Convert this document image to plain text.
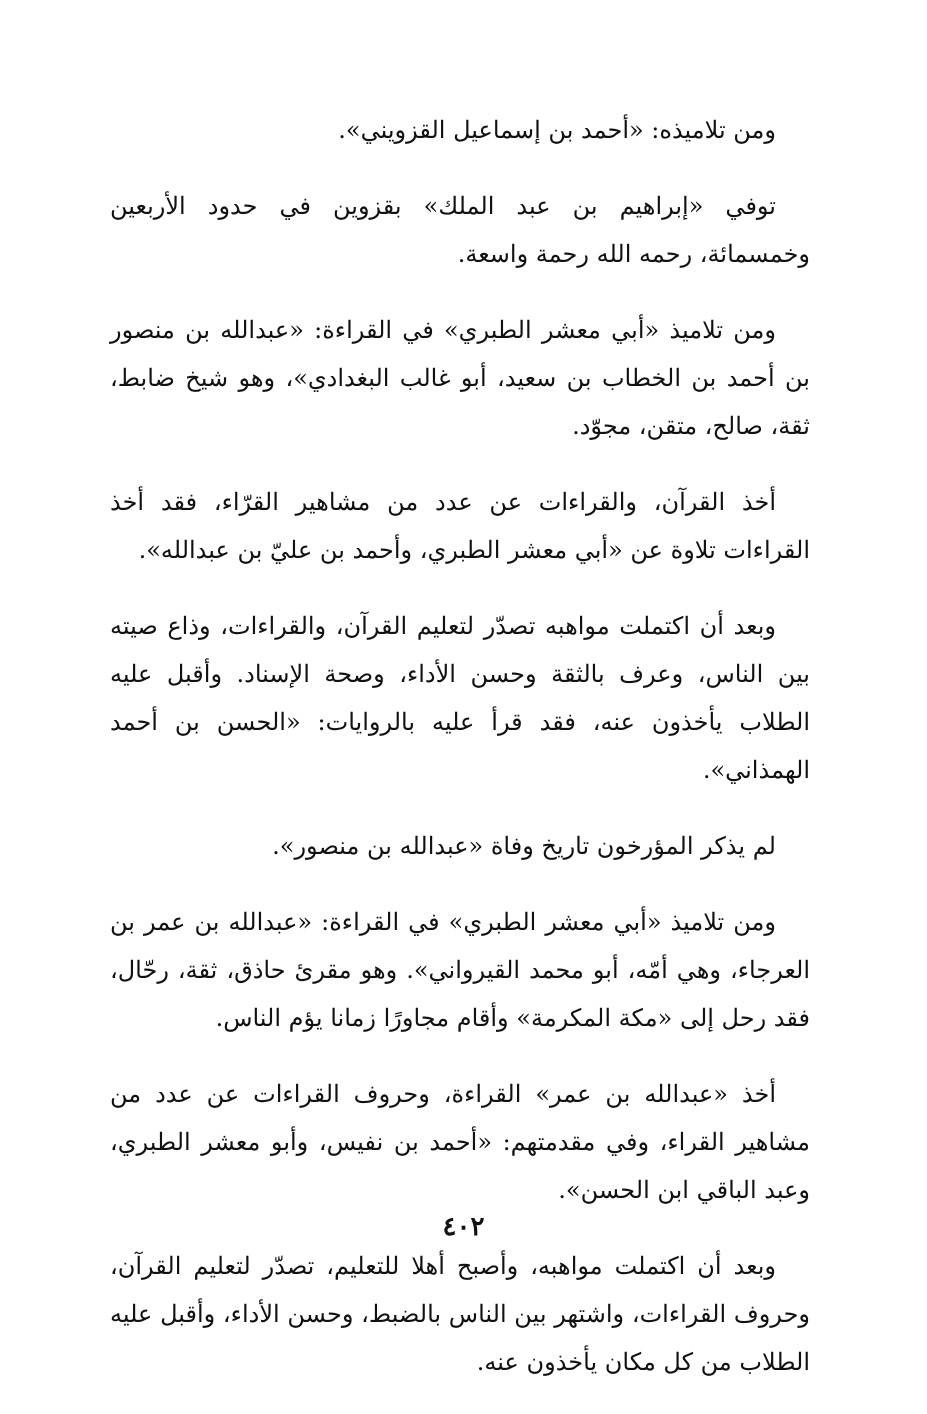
ومن تلاميذه: «أحمد بن إسماعيل القزويني».

توفي «إبراهيم بن عبد الملك» بقزوين في حدود الأربعين وخمسمائة، رحمه الله رحمة واسعة.

ومن تلاميذ «أبي معشر الطبري» في القراءة: «عبدالله بن منصور بن أحمد بن الخطاب بن سعيد، أبو غالب البغدادي»، وهو شيخ ضابط، ثقة، صالح، متقن، مجوّد.

أخذ القرآن، والقراءات عن عدد من مشاهير القرّاء، فقد أخذ القراءات تلاوة عن «أبي معشر الطبري، وأحمد بن عليّ بن عبدالله».

وبعد أن اكتملت مواهبه تصدّر لتعليم القرآن، والقراءات، وذاع صيته بين الناس، وعرف بالثقة وحسن الأداء، وصحة الإسناد. وأقبل عليه الطلاب يأخذون عنه، فقد قرأ عليه بالروايات: «الحسن بن أحمد الهمذاني».

لم يذكر المؤرخون تاريخ وفاة «عبدالله بن منصور».

ومن تلاميذ «أبي معشر الطبري» في القراءة: «عبدالله بن عمر بن العرجاء، وهي أمّه، أبو محمد القيرواني». وهو مقرئ حاذق، ثقة، رحّال، فقد رحل إلى «مكة المكرمة» وأقام مجاورًا زمانا يؤم الناس.

أخذ «عبدالله بن عمر» القراءة، وحروف القراءات عن عدد من مشاهير القراء، وفي مقدمتهم: «أحمد بن نفيس، وأبو معشر الطبري، وعبد الباقي ابن الحسن».

وبعد أن اكتملت مواهبه، وأصبح أهلا للتعليم، تصدّر لتعليم القرآن، وحروف القراءات، واشتهر بين الناس بالضبط، وحسن الأداء، وأقبل عليه الطلاب من كل مكان يأخذون عنه.

٤٠٢
